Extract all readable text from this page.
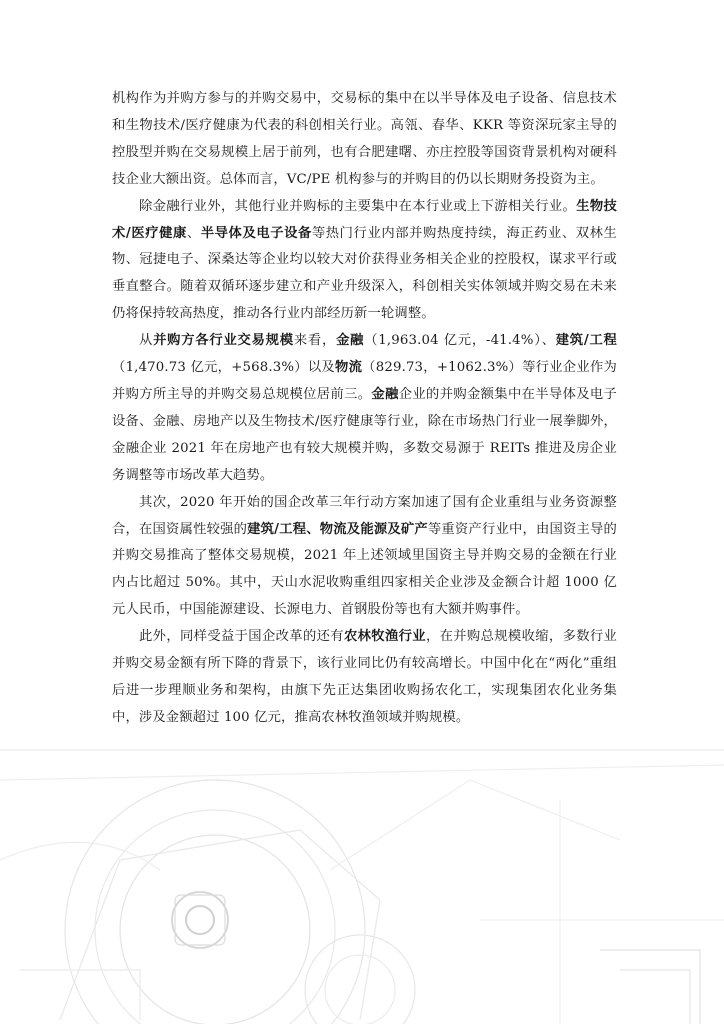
机构作为并购方参与的并购交易中，交易标的集中在以半导体及电子设备、信息技术和生物技术/医疗健康为代表的科创相关行业。高瓴、春华、KKR 等资深玩家主导的控股型并购在交易规模上居于前列，也有合肥建曙、亦庄控股等国资背景机构对硬科技企业大额出资。总体而言，VC/PE 机构参与的并购目的仍以长期财务投资为主。

除金融行业外，其他行业并购标的主要集中在本行业或上下游相关行业。生物技术/医疗健康、半导体及电子设备等热门行业内部并购热度持续，海正药业、双林生物、冠捷电子、深桑达等企业均以较大对价获得业务相关企业的控股权，谋求平行或垂直整合。随着双循环逐步建立和产业升级深入，科创相关实体领域并购交易在未来仍将保持较高热度，推动各行业内部经历新一轮调整。

从并购方各行业交易规模来看，金融（1,963.04 亿元，-41.4%）、建筑/工程（1,470.73 亿元，+568.3%）以及物流（829.73，+1062.3%）等行业企业作为并购方所主导的并购交易总规模位居前三。金融企业的并购金额集中在半导体及电子设备、金融、房地产以及生物技术/医疗健康等行业，除在市场热门行业一展拳脚外，金融企业 2021 年在房地产也有较大规模并购，多数交易源于 REITs 推进及房企业务调整等市场改革大趋势。

其次，2020 年开始的国企改革三年行动方案加速了国有企业重组与业务资源整合，在国资属性较强的建筑/工程、物流及能源及矿产等重资产行业中，由国资主导的并购交易推高了整体交易规模，2021 年上述领域里国资主导并购交易的金额在行业内占比超过 50%。其中，天山水泥收购重组四家相关企业涉及金额合计超 1000 亿元人民币，中国能源建设、长源电力、首钢股份等也有大额并购事件。

此外，同样受益于国企改革的还有农林牧渔行业，在并购总规模收缩，多数行业并购交易金额有所下降的背景下，该行业同比仍有较高增长。中国中化在“两化”重组后进一步理顺业务和架构，由旗下先正达集团收购扬农化工，实现集团农化业务集中，涉及金额超过 100 亿元，推高农林牧渔领域并购规模。
